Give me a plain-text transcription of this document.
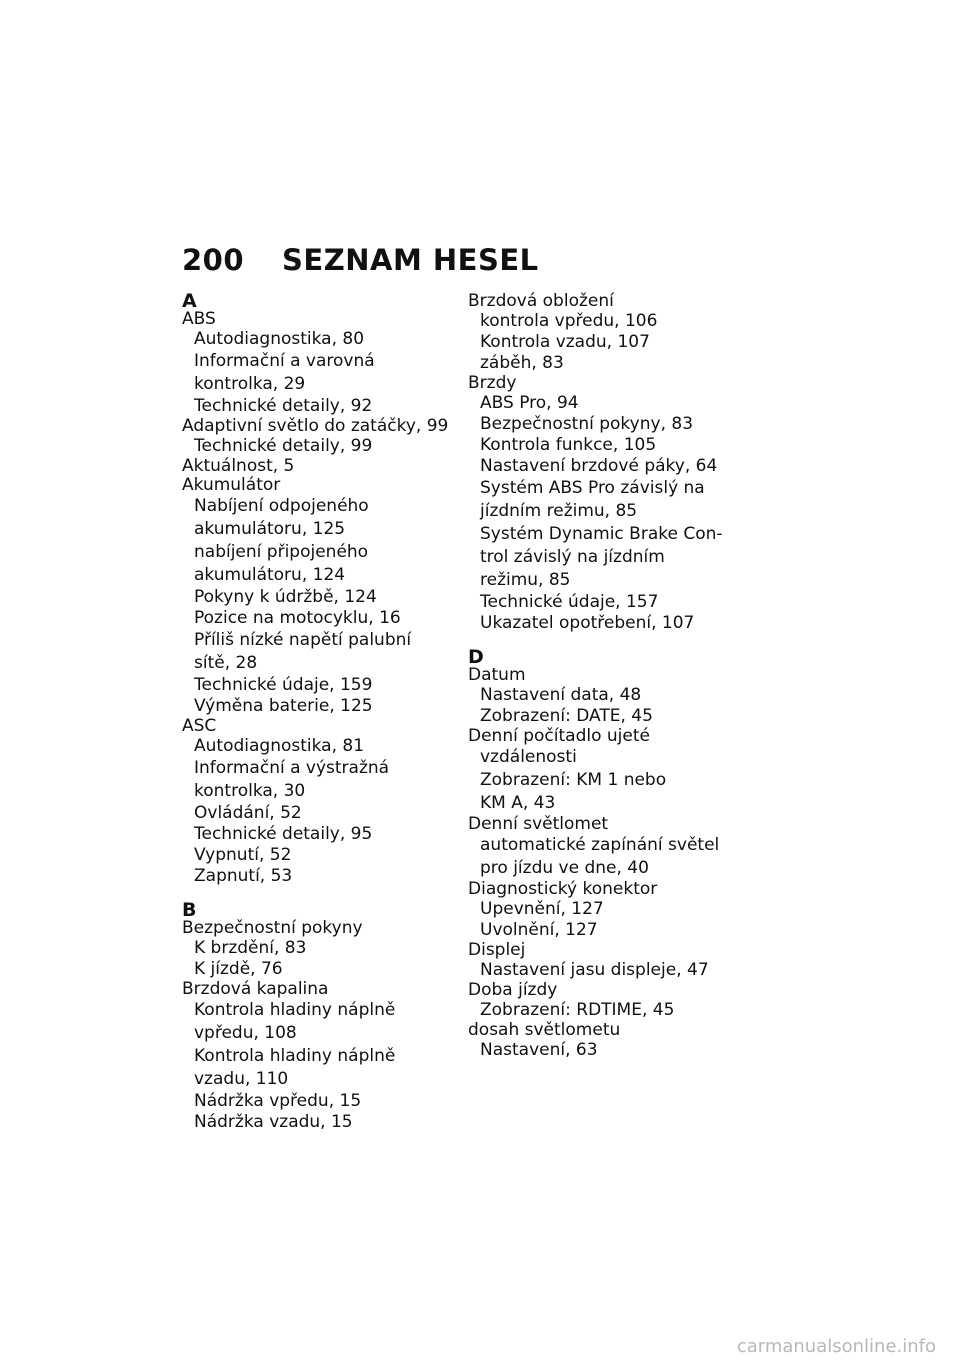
200 SEZNAM HESEL
A
ABS
Autodiagnostika, 80
Informační a varovná
kontrolka, 29
Technické detaily, 92
Adaptivní světlo do zatáčky, 99
Technické detaily, 99
Aktuálnost, 5
Akumulátor
Nabíjení odpojeného
akumulátoru, 125
nabíjení připojeného
akumulátoru, 124
Pokyny k údržbě, 124
Pozice na motocyklu, 16
Příliš nízké napětí palubní
sítě, 28
Technické údaje, 159
Výměna baterie, 125
ASC
Autodiagnostika, 81
Informační a výstražná
kontrolka, 30
Ovládání, 52
Technické detaily, 95
Vypnutí, 52
Zapnutí, 53
B
Bezpečnostní pokyny
K brzdění, 83
K jízdě, 76
Brzdová kapalina
Kontrola hladiny náplně
vpředu, 108
Kontrola hladiny náplně
vzadu, 110
Nádržka vpředu, 15
Nádržka vzadu, 15
Brzdová obložení
kontrola vpředu, 106
Kontrola vzadu, 107
záběh, 83
Brzdy
ABS Pro, 94
Bezpečnostní pokyny, 83
Kontrola funkce, 105
Nastavení brzdové páky, 64
Systém ABS Pro závislý na
jízdním režimu, 85
Systém Dynamic Brake Con-
trol závislý na jízdním
režimu, 85
Technické údaje, 157
Ukazatel opotřebení, 107
D
Datum
Nastavení data, 48
Zobrazení: DATE, 45
Denní počítadlo ujeté
vzdálenosti
Zobrazení: KM 1 nebo
KM A, 43
Denní světlomet
automatické zapínání světel
pro jízdu ve dne, 40
Diagnostický konektor
Upevnění, 127
Uvolnění, 127
Displej
Nastavení jasu displeje, 47
Doba jízdy
Zobrazení: RDTIME, 45
dosah světlometu
Nastavení, 63
carmanualsonline.info
